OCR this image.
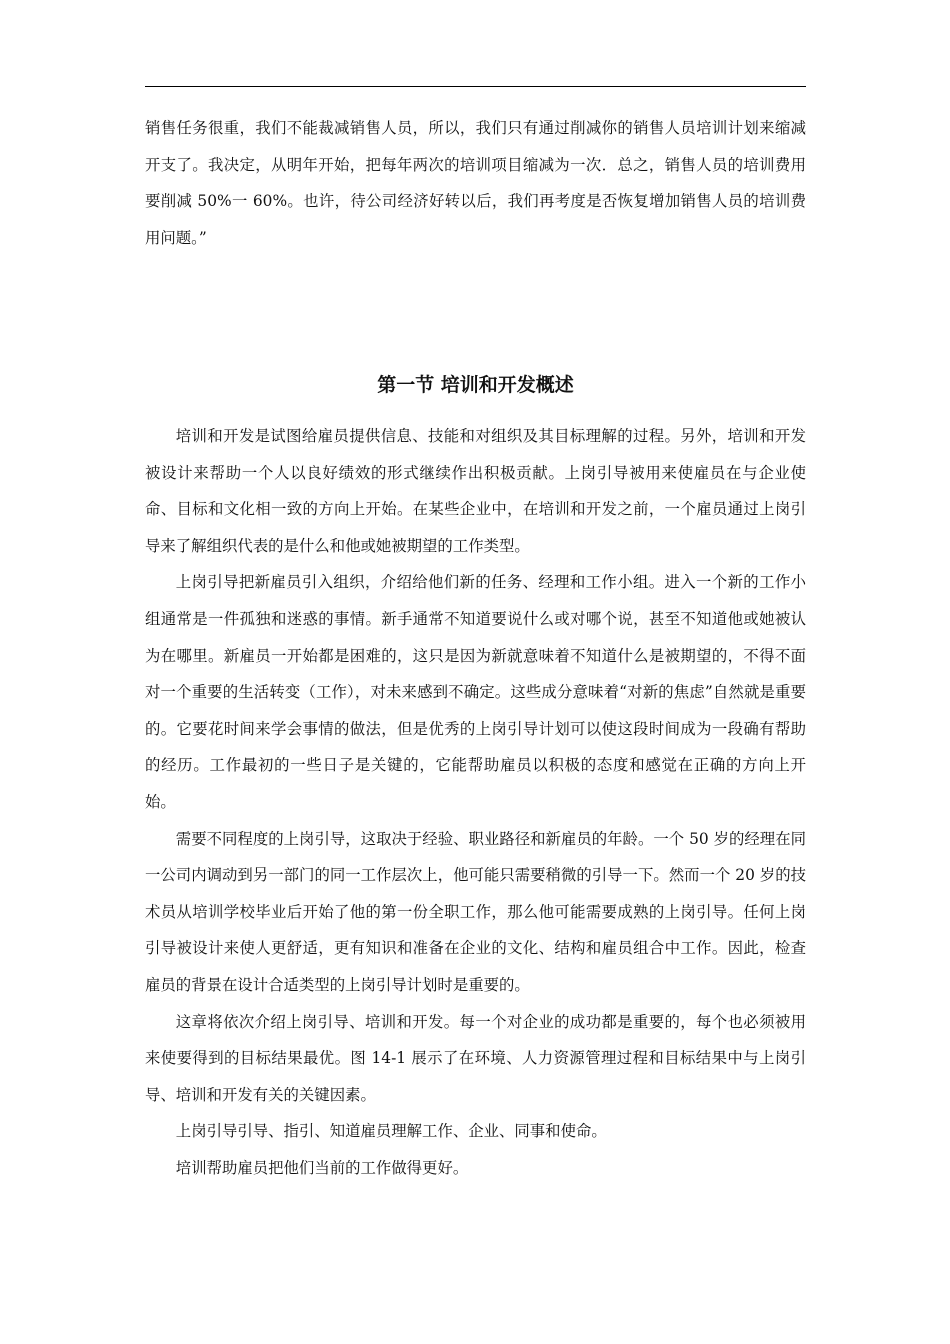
销售任务很重，我们不能裁减销售人员，所以，我们只有通过削减你的销售人员培训计划来缩减开支了。我决定，从明年开始，把每年两次的培训项目缩减为一次．总之，销售人员的培训费用要削减 50%一 60%。也许，待公司经济好转以后，我们再考度是否恢复增加销售人员的培训费用问题。”

第一节 培训和开发概述

培训和开发是试图给雇员提供信息、技能和对组织及其目标理解的过程。另外，培训和开发被设计来帮助一个人以良好绩效的形式继续作出积极贡献。上岗引导被用来使雇员在与企业使命、目标和文化相一致的方向上开始。在某些企业中，在培训和开发之前，一个雇员通过上岗引导来了解组织代表的是什么和他或她被期望的工作类型。

上岗引导把新雇员引入组织，介绍给他们新的任务、经理和工作小组。进入一个新的工作小组通常是一件孤独和迷惑的事情。新手通常不知道要说什么或对哪个说，甚至不知道他或她被认为在哪里。新雇员一开始都是困难的，这只是因为新就意味着不知道什么是被期望的，不得不面对一个重要的生活转变（工作），对未来感到不确定。这些成分意味着“对新的焦虑”自然就是重要的。它要花时间来学会事情的做法，但是优秀的上岗引导计划可以使这段时间成为一段确有帮助的经历。工作最初的一些日子是关键的，它能帮助雇员以积极的态度和感觉在正确的方向上开始。

需要不同程度的上岗引导，这取决于经验、职业路径和新雇员的年龄。一个 50 岁的经理在同一公司内调动到另一部门的同一工作层次上，他可能只需要稍微的引导一下。然而一个 20 岁的技术员从培训学校毕业后开始了他的第一份全职工作，那么他可能需要成熟的上岗引导。任何上岗引导被设计来使人更舒适，更有知识和准备在企业的文化、结构和雇员组合中工作。因此，检查雇员的背景在设计合适类型的上岗引导计划时是重要的。

这章将依次介绍上岗引导、培训和开发。每一个对企业的成功都是重要的，每个也必须被用来使要得到的目标结果最优。图 14-1 展示了在环境、人力资源管理过程和目标结果中与上岗引导、培训和开发有关的关键因素。

上岗引导引导、指引、知道雇员理解工作、企业、同事和使命。

培训帮助雇员把他们当前的工作做得更好。
